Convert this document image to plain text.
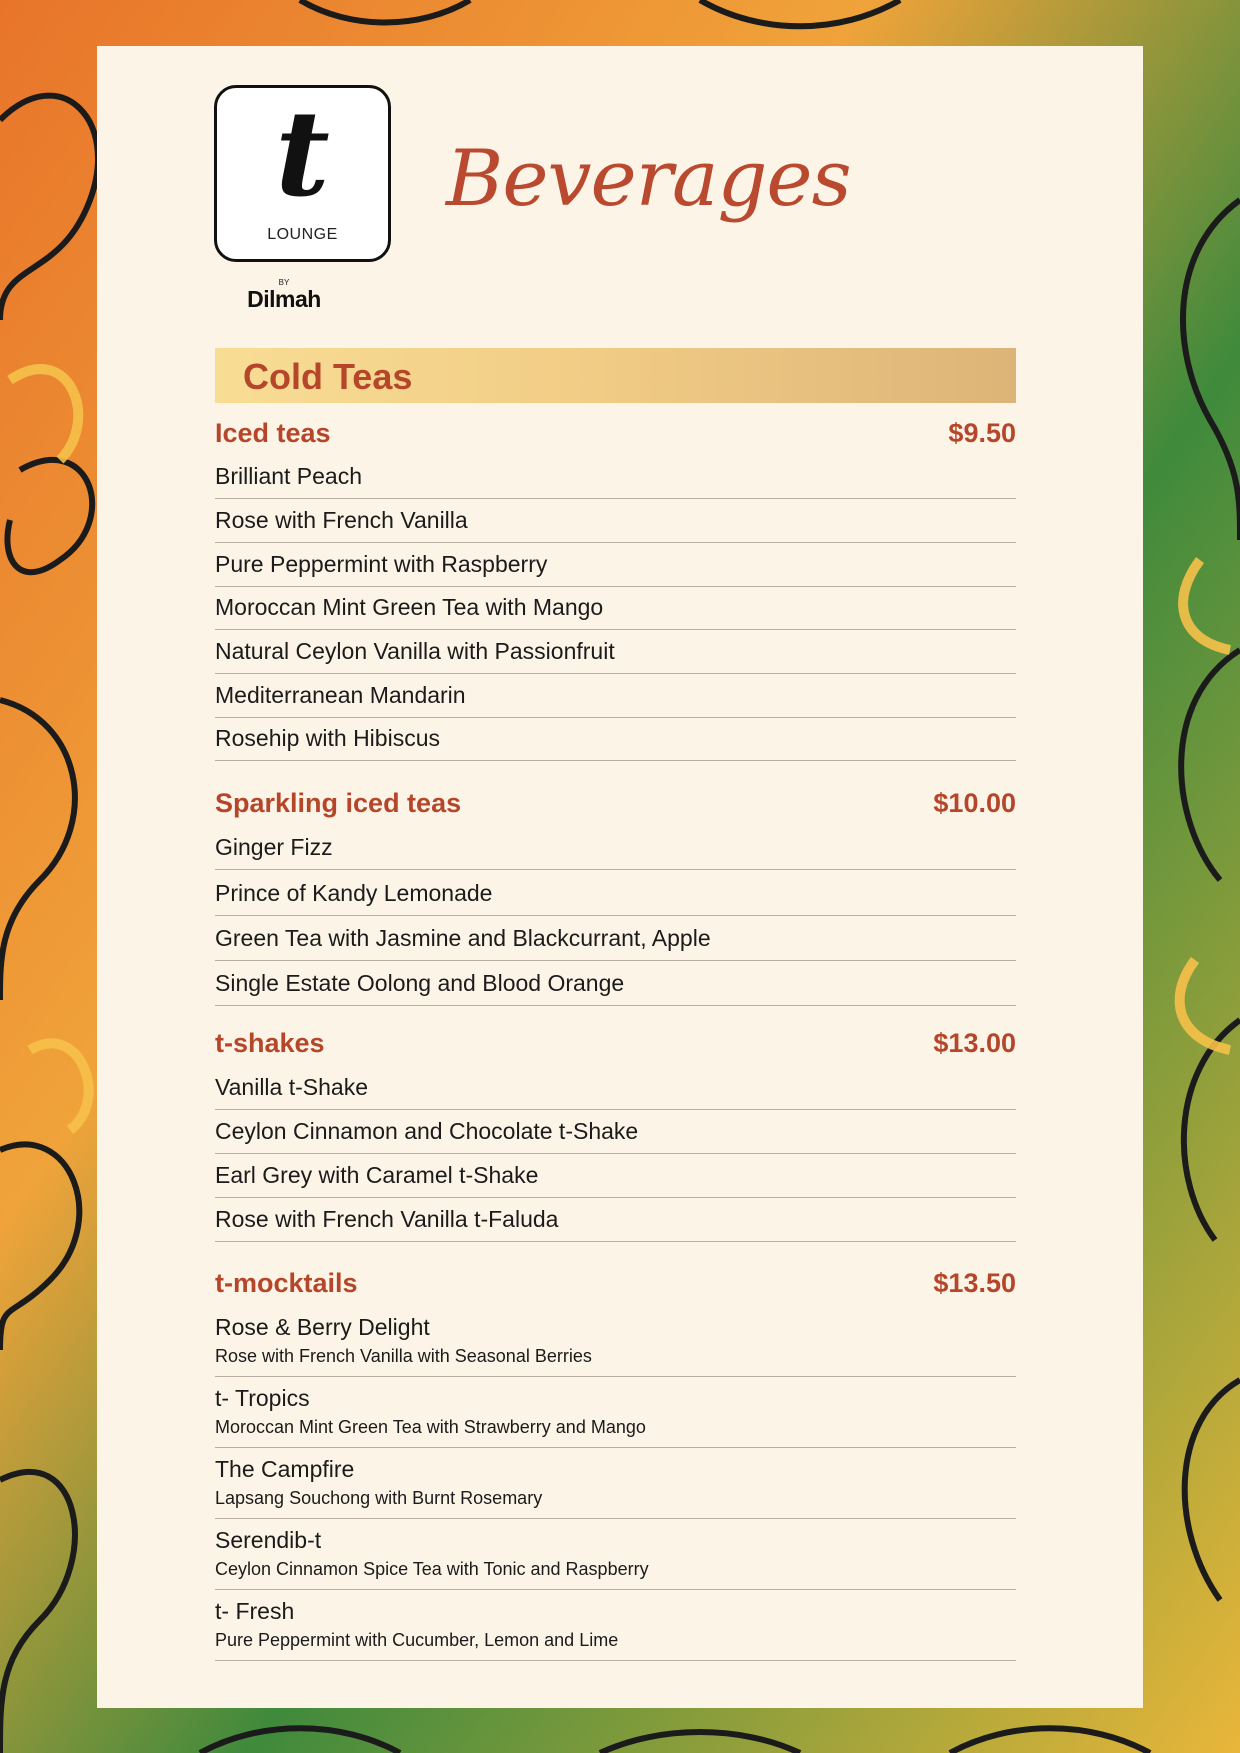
t
LOUNGE
BY
Dilmah
Beverages
Cold Teas
Iced teas	$9.50
Brilliant Peach
Rose with French Vanilla
Pure Peppermint with Raspberry
Moroccan Mint Green Tea with Mango
Natural Ceylon Vanilla with Passionfruit
Mediterranean Mandarin
Rosehip with Hibiscus
Sparkling iced teas	$10.00
Ginger Fizz
Prince of Kandy Lemonade
Green Tea with Jasmine and Blackcurrant, Apple
Single Estate Oolong and Blood Orange
t-shakes	$13.00
Vanilla t-Shake
Ceylon Cinnamon and Chocolate t-Shake
Earl Grey with Caramel t-Shake
Rose with French Vanilla t-Faluda
t-mocktails	$13.50
Rose & Berry Delight
Rose with French Vanilla with Seasonal Berries
t- Tropics
Moroccan Mint Green Tea with Strawberry and Mango
The Campfire
Lapsang Souchong with Burnt Rosemary
Serendib-t
Ceylon Cinnamon Spice Tea with Tonic and Raspberry
t- Fresh
Pure Peppermint with Cucumber, Lemon and Lime
